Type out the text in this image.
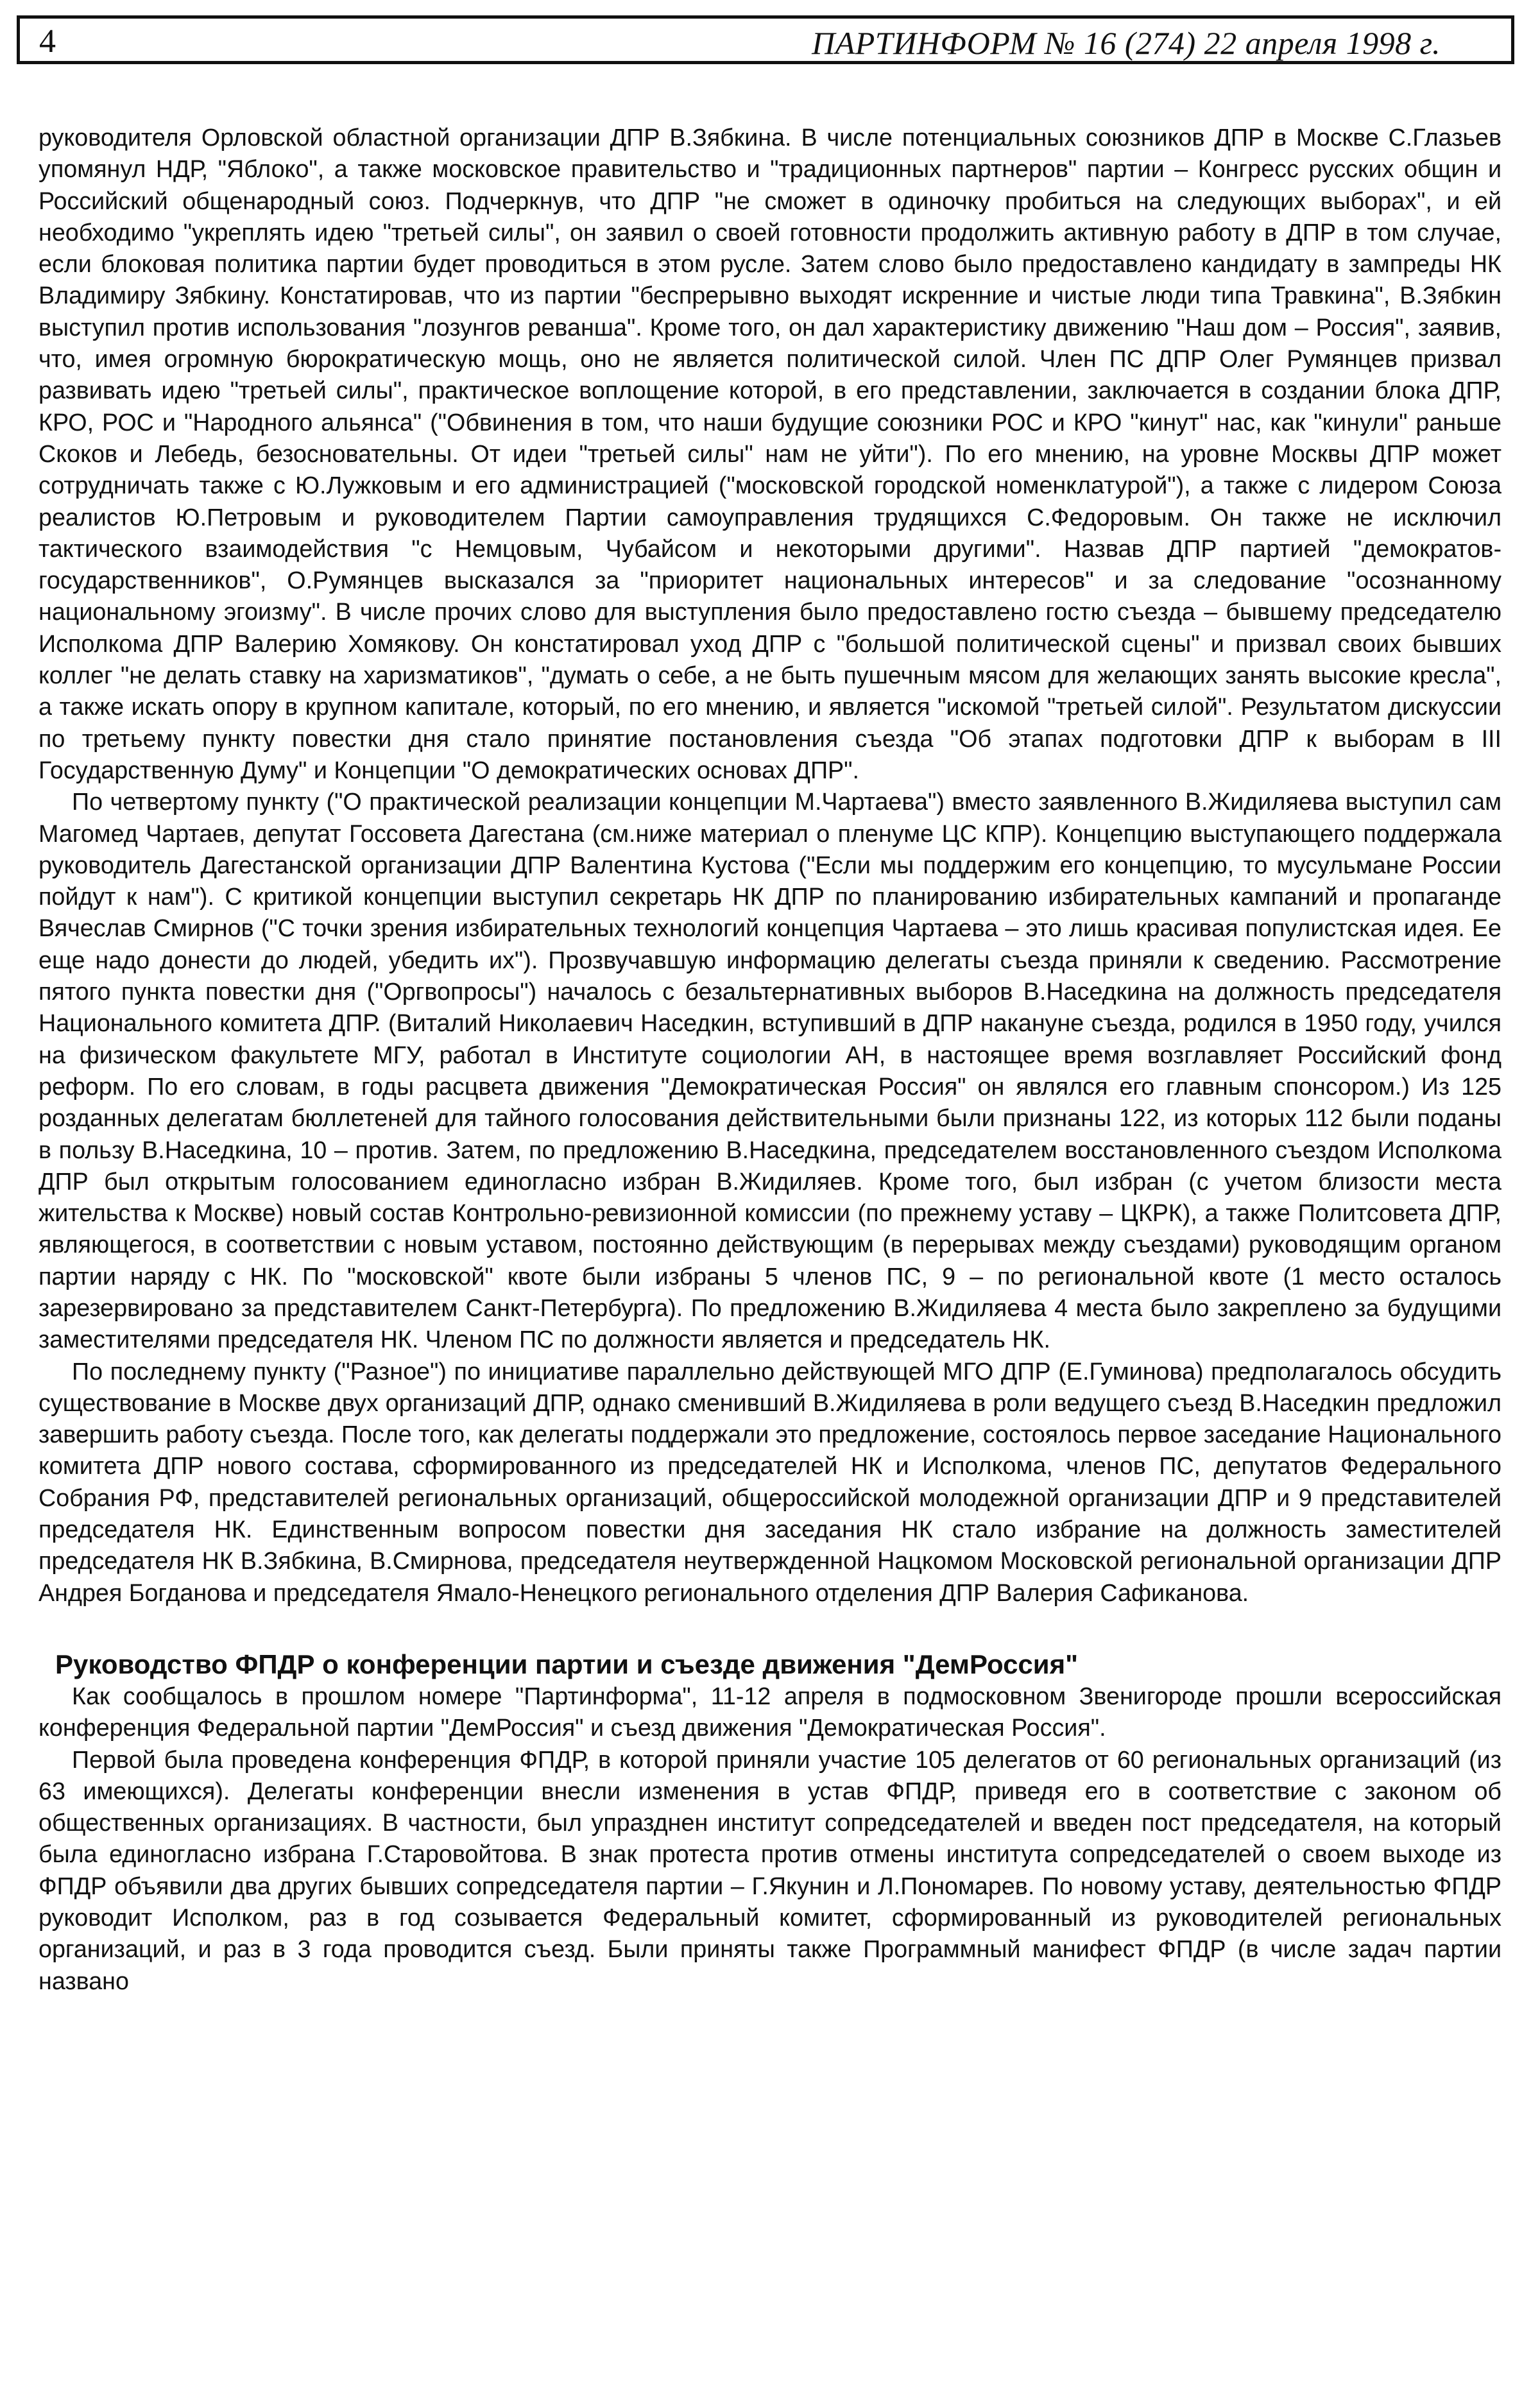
4	ПАРТИНФОРМ № 16 (274) 22 апреля 1998 г.

руководителя Орловской областной организации ДПР В.Зябкина. В числе потенциальных союзников ДПР в Москве С.Глазьев упомянул НДР, "Яблоко", а также московское правительство и "традиционных партнеров" партии – Конгресс русских общин и Российский общенародный союз. Подчеркнув, что ДПР "не сможет в одиночку пробиться на следующих выборах", и ей необходимо "укреплять идею "третьей силы", он заявил о своей готовности продолжить активную работу в ДПР в том случае, если блоковая политика партии будет проводиться в этом русле. Затем слово было предоставлено кандидату в зампреды НК Владимиру Зябкину. Констатировав, что из партии "беспрерывно выходят искренние и чистые люди типа Травкина", В.Зябкин выступил против использования "лозунгов реванша". Кроме того, он дал характеристику движению "Наш дом – Россия", заявив, что, имея огромную бюрократическую мощь, оно не является политической силой. Член ПС ДПР Олег Румянцев призвал развивать идею "третьей силы", практическое воплощение которой, в его представлении, заключается в создании блока ДПР, КРО, РОС и "Народного альянса" ("Обвинения в том, что наши будущие союзники РОС и КРО "кинут" нас, как "кинули" раньше Скоков и Лебедь, безосновательны. От идеи "третьей силы" нам не уйти"). По его мнению, на уровне Москвы ДПР может сотрудничать также с Ю.Лужковым и его администрацией ("московской городской номенклатурой"), а также с лидером Союза реалистов Ю.Петровым и руководителем Партии самоуправления трудящихся С.Федоровым. Он также не исключил тактического взаимодействия "с Немцовым, Чубайсом и некоторыми другими". Назвав ДПР партией "демократов-государственников", О.Румянцев высказался за "приоритет национальных интересов" и за следование "осознанному национальному эгоизму". В числе прочих слово для выступления было предоставлено гостю съезда – бывшему председателю Исполкома ДПР Валерию Хомякову. Он констатировал уход ДПР с "большой политической сцены" и призвал своих бывших коллег "не делать ставку на харизматиков", "думать о себе, а не быть пушечным мясом для желающих занять высокие кресла", а также искать опору в крупном капитале, который, по его мнению, и является "искомой "третьей силой". Результатом дискуссии по третьему пункту повестки дня стало принятие постановления съезда "Об этапах подготовки ДПР к выборам в III Государственную Думу" и Концепции "О демократических основах ДПР".

По четвертому пункту ("О практической реализации концепции М.Чартаева") вместо заявленного В.Жидиляева выступил сам Магомед Чартаев, депутат Госсовета Дагестана (см.ниже материал о пленуме ЦС КПР). Концепцию выступающего поддержала руководитель Дагестанской организации ДПР Валентина Кустова ("Если мы поддержим его концепцию, то мусульмане России пойдут к нам"). С критикой концепции выступил секретарь НК ДПР по планированию избирательных кампаний и пропаганде Вячеслав Смирнов ("С точки зрения избирательных технологий концепция Чартаева – это лишь красивая популистская идея. Ее еще надо донести до людей, убедить их"). Прозвучавшую информацию делегаты съезда приняли к сведению. Рассмотрение пятого пункта повестки дня ("Оргвопросы") началось с безальтернативных выборов В.Наседкина на должность председателя Национального комитета ДПР. (Виталий Николаевич Наседкин, вступивший в ДПР накануне съезда, родился в 1950 году, учился на физическом факультете МГУ, работал в Институте социологии АН, в настоящее время возглавляет Российский фонд реформ. По его словам, в годы расцвета движения "Демократическая Россия" он являлся его главным спонсором.) Из 125 розданных делегатам бюллетеней для тайного голосования действительными были признаны 122, из которых 112 были поданы в пользу В.Наседкина, 10 – против. Затем, по предложению В.Наседкина, председателем восстановленного съездом Исполкома ДПР был открытым голосованием единогласно избран В.Жидиляев. Кроме того, был избран (с учетом близости места жительства к Москве) новый состав Контрольно-ревизионной комиссии (по прежнему уставу – ЦКРК), а также Политсовета ДПР, являющегося, в соответствии с новым уставом, постоянно действующим (в перерывах между съездами) руководящим органом партии наряду с НК. По "московской" квоте были избраны 5 членов ПС, 9 – по региональной квоте (1 место осталось зарезервировано за представителем Санкт-Петербурга). По предложению В.Жидиляева 4 места было закреплено за будущими заместителями председателя НК. Членом ПС по должности является и председатель НК.

По последнему пункту ("Разное") по инициативе параллельно действующей МГО ДПР (Е.Гуминова) предполагалось обсудить существование в Москве двух организаций ДПР, однако сменивший В.Жидиляева в роли ведущего съезд В.Наседкин предложил завершить работу съезда. После того, как делегаты поддержали это предложение, состоялось первое заседание Национального комитета ДПР нового состава, сформированного из председателей НК и Исполкома, членов ПС, депутатов Федерального Собрания РФ, представителей региональных организаций, общероссийской молодежной организации ДПР и 9 представителей председателя НК. Единственным вопросом повестки дня заседания НК стало избрание на должность заместителей председателя НК В.Зябкина, В.Смирнова, председателя неутвержденной Нацкомом Московской региональной организации ДПР Андрея Богданова и председателя Ямало-Ненецкого регионального отделения ДПР Валерия Сафиканова.

Руководство ФПДР о конференции партии и съезде движения "ДемРоссия"

Как сообщалось в прошлом номере "Партинформа", 11-12 апреля в подмосковном Звенигороде прошли всероссийская конференция Федеральной партии "ДемРоссия" и съезд движения "Демократическая Россия".

Первой была проведена конференция ФПДР, в которой приняли участие 105 делегатов от 60 региональных организаций (из 63 имеющихся). Делегаты конференции внесли изменения в устав ФПДР, приведя его в соответствие с законом об общественных организациях. В частности, был упразднен институт сопредседателей и введен пост председателя, на который была единогласно избрана Г.Старовойтова. В знак протеста против отмены института сопредседателей о своем выходе из ФПДР объявили два других бывших сопредседателя партии – Г.Якунин и Л.Пономарев. По новому уставу, деятельностью ФПДР руководит Исполком, раз в год созывается Федеральный комитет, сформированный из руководителей региональных организаций, и раз в 3 года проводится съезд. Были приняты также Программный манифест ФПДР (в числе задач партии названо
